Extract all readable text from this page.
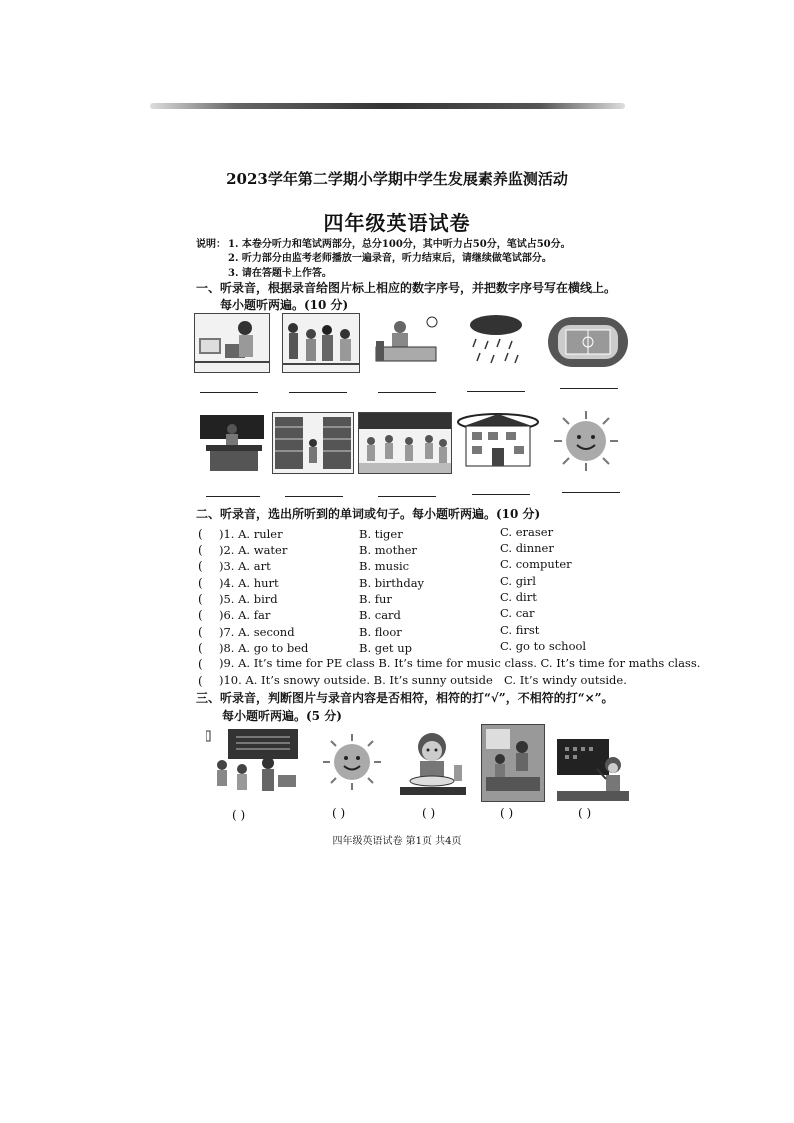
2023学年第二学期小学期中学生发展素养监测活动
四年级英语试卷
说明： 1. 本卷分听力和笔试两部分，总分100分，其中听力占50分，笔试占50分。
2. 听力部分由监考老师播放一遍录音，听力结束后，请继续做笔试部分。
3. 请在答题卡上作答。
一、听录音，根据录音给图片标上相应的数字序号，并把数字序号写在横线上。
每小题听两遍。(10 分)
二、听录音，选出所听到的单词或句子。每小题听两遍。(10 分)
( )1. A. ruler	B. tiger	C. eraser
( )2. A. water	B. mother	C. dinner
( )3. A. art	B. music	C. computer
( )4. A. hurt	B. birthday	C. girl
( )5. A. bird	B. fur	C. dirt
( )6. A. far	B. card	C. car
( )7. A. second	B. floor	C. first
( )8. A. go to bed	B. get up	C. go to school
( )9. A. It’s time for PE class B. It’s time for music class. C. It’s time for maths class.
( )10. A. It’s snowy outside. B. It’s sunny outside C. It’s windy outside.
三、听录音，判断图片与录音内容是否相符，相符的打“√”，不相符的打“×”。
每小题听两遍。(5 分)
( )	( )	( )	( )	( )
四年级英语试卷 第1页 共4页
